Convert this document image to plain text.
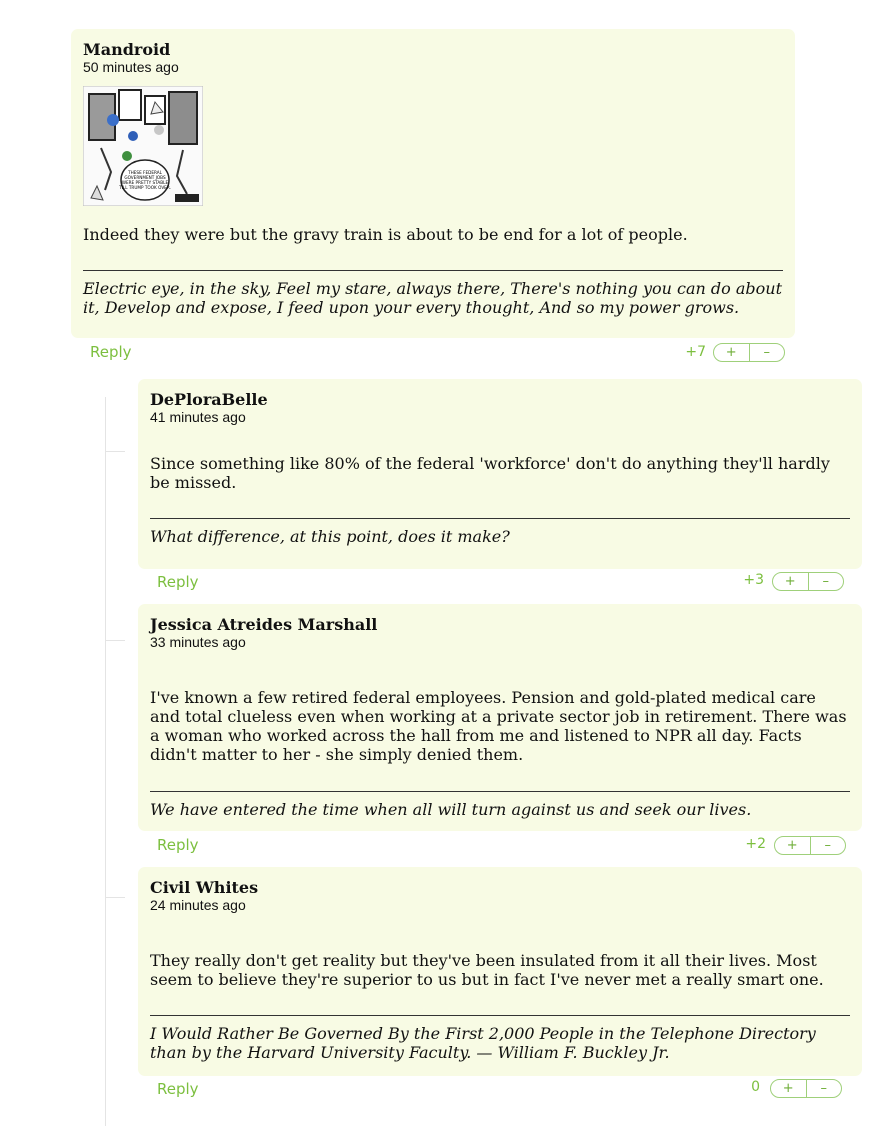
Mandroid
50 minutes ago
THESE FEDERAL
GOVERNMENT JOBS
WERE PRETTY STABLE
TILL TRUMP TOOK OVER.
Indeed they were but the gravy train is about to be end for a lot of people.
Electric eye, in the sky, Feel my stare, always there, There's nothing you can do about it, Develop and expose, I feed upon your every thought, And so my power grows.
Reply	+7	+	–
DePloraBelle
41 minutes ago
Since something like 80% of the federal 'workforce' don't do anything they'll hardly be missed.
What difference, at this point, does it make?
Reply	+3	+	–
Jessica Atreides Marshall
33 minutes ago
I've known a few retired federal employees. Pension and gold-plated medical care and total clueless even when working at a private sector job in retirement. There was a woman who worked across the hall from me and listened to NPR all day. Facts didn't matter to her - she simply denied them.
We have entered the time when all will turn against us and seek our lives.
Reply	+2	+	–
Civil Whites
24 minutes ago
They really don't get reality but they've been insulated from it all their lives. Most seem to believe they're superior to us but in fact I've never met a really smart one.
I Would Rather Be Governed By the First 2,000 People in the Telephone Directory than by the Harvard University Faculty. — William F. Buckley Jr.
Reply	0	+	–
